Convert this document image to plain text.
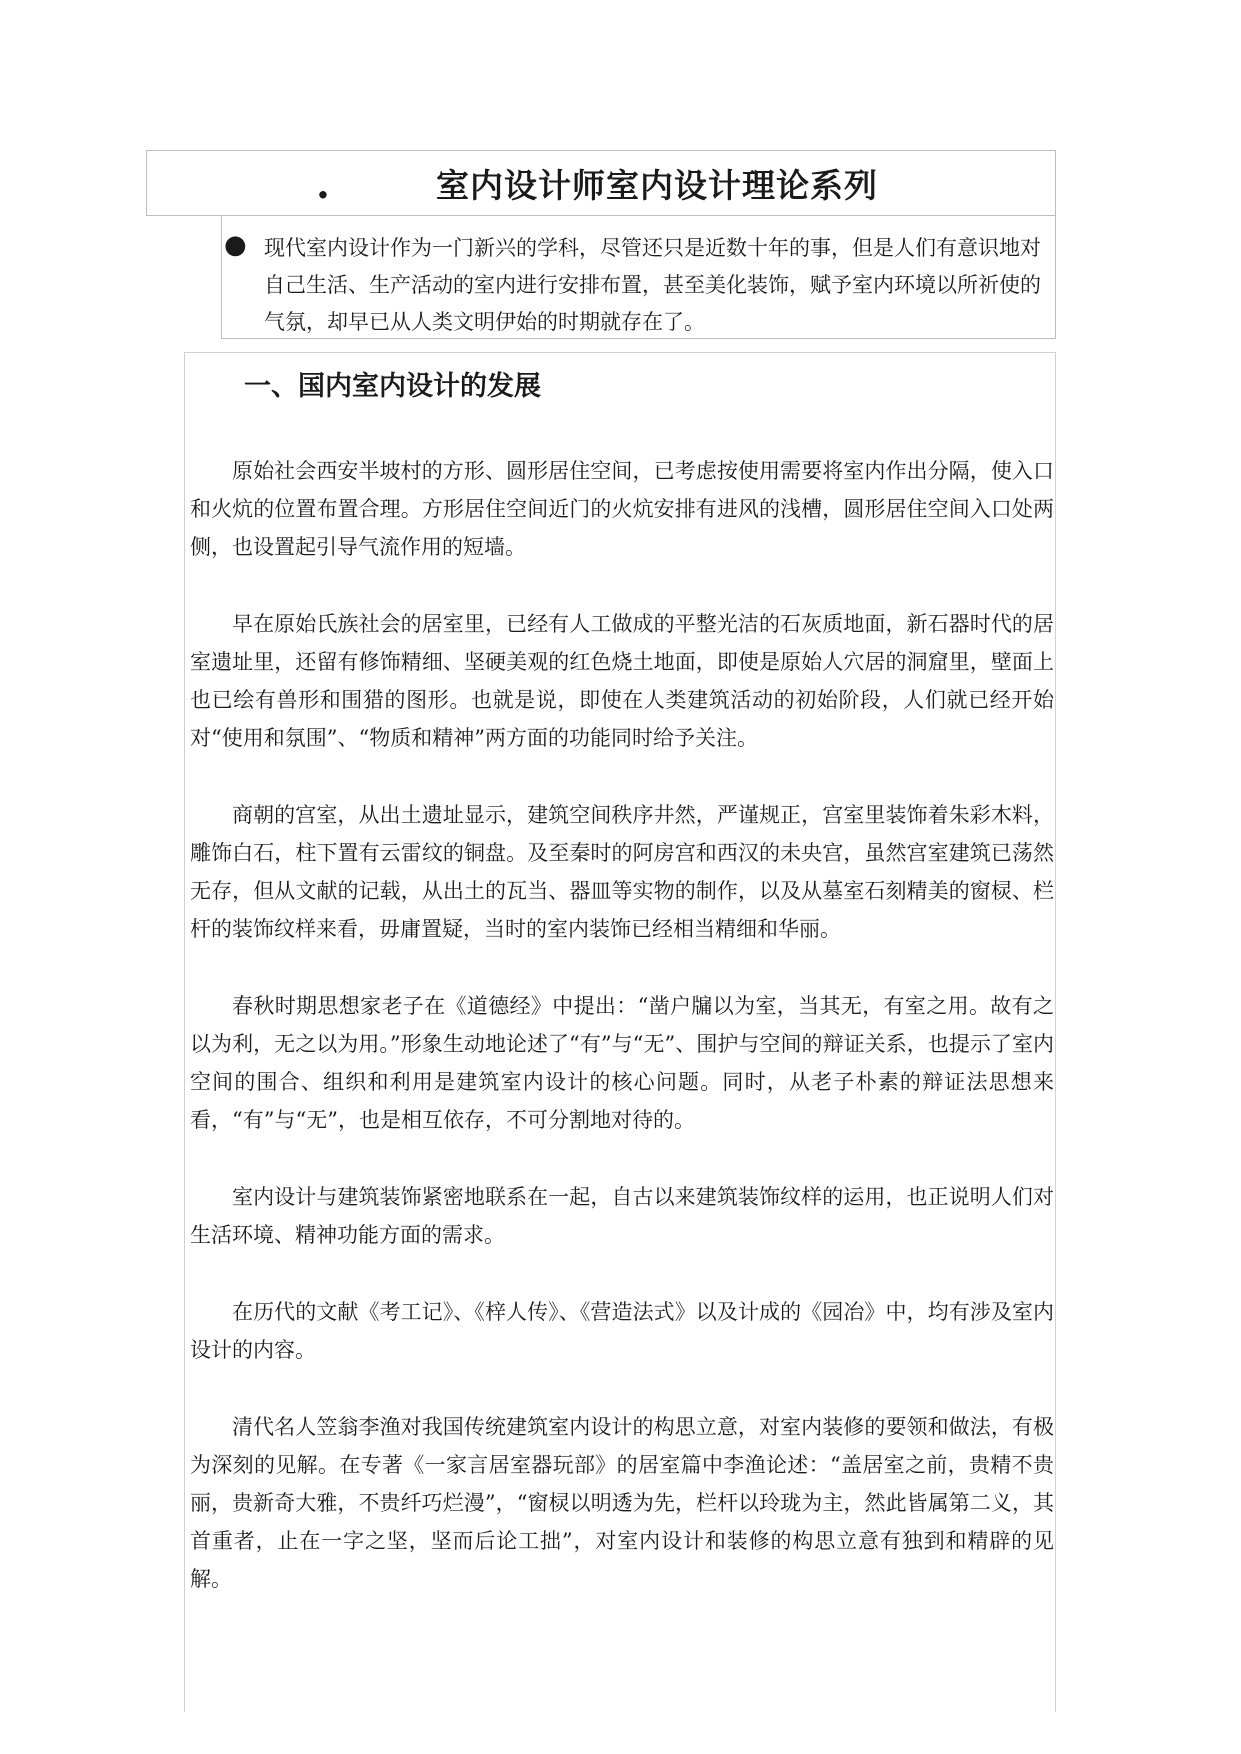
.	室内设计师室内设计理论系列
● 现代室内设计作为一门新兴的学科，尽管还只是近数十年的事，但是人们有意识地对自己生活、生产活动的室内进行安排布置，甚至美化装饰，赋予室内环境以所祈使的气氛，却早已从人类文明伊始的时期就存在了。

一、国内室内设计的发展

原始社会西安半坡村的方形、圆形居住空间，已考虑按使用需要将室内作出分隔，使入口和火炕的位置布置合理。方形居住空间近门的火炕安排有进风的浅槽，圆形居住空间入口处两侧，也设置起引导气流作用的短墙。

早在原始氏族社会的居室里，已经有人工做成的平整光洁的石灰质地面，新石器时代的居室遗址里，还留有修饰精细、坚硬美观的红色烧土地面，即使是原始人穴居的洞窟里，壁面上也已绘有兽形和围猎的图形。也就是说，即使在人类建筑活动的初始阶段，人们就已经开始对“使用和氛围”、“物质和精神”两方面的功能同时给予关注。

商朝的宫室，从出土遗址显示，建筑空间秩序井然，严谨规正，宫室里装饰着朱彩木料，雕饰白石，柱下置有云雷纹的铜盘。及至秦时的阿房宫和西汉的未央宫，虽然宫室建筑已荡然无存，但从文献的记载，从出土的瓦当、器皿等实物的制作，以及从墓室石刻精美的窗棂、栏杆的装饰纹样来看，毋庸置疑，当时的室内装饰已经相当精细和华丽。

春秋时期思想家老子在《道德经》中提出：“凿户牖以为室，当其无，有室之用。故有之以为利，无之以为用。”形象生动地论述了“有”与“无”、围护与空间的辩证关系，也提示了室内空间的围合、组织和利用是建筑室内设计的核心问题。同时，从老子朴素的辩证法思想来看，“有”与“无”，也是相互依存，不可分割地对待的。

室内设计与建筑装饰紧密地联系在一起，自古以来建筑装饰纹样的运用，也正说明人们对生活环境、精神功能方面的需求。

在历代的文献《考工记》、《梓人传》、《营造法式》以及计成的《园冶》中，均有涉及室内设计的内容。

清代名人笠翁李渔对我国传统建筑室内设计的构思立意，对室内装修的要领和做法，有极为深刻的见解。在专著《一家言居室器玩部》的居室篇中李渔论述：“盖居室之前，贵精不贵丽，贵新奇大雅，不贵纤巧烂漫”，“窗棂以明透为先，栏杆以玲珑为主，然此皆属第二义，其首重者，止在一字之坚，坚而后论工拙”，对室内设计和装修的构思立意有独到和精辟的见解。
